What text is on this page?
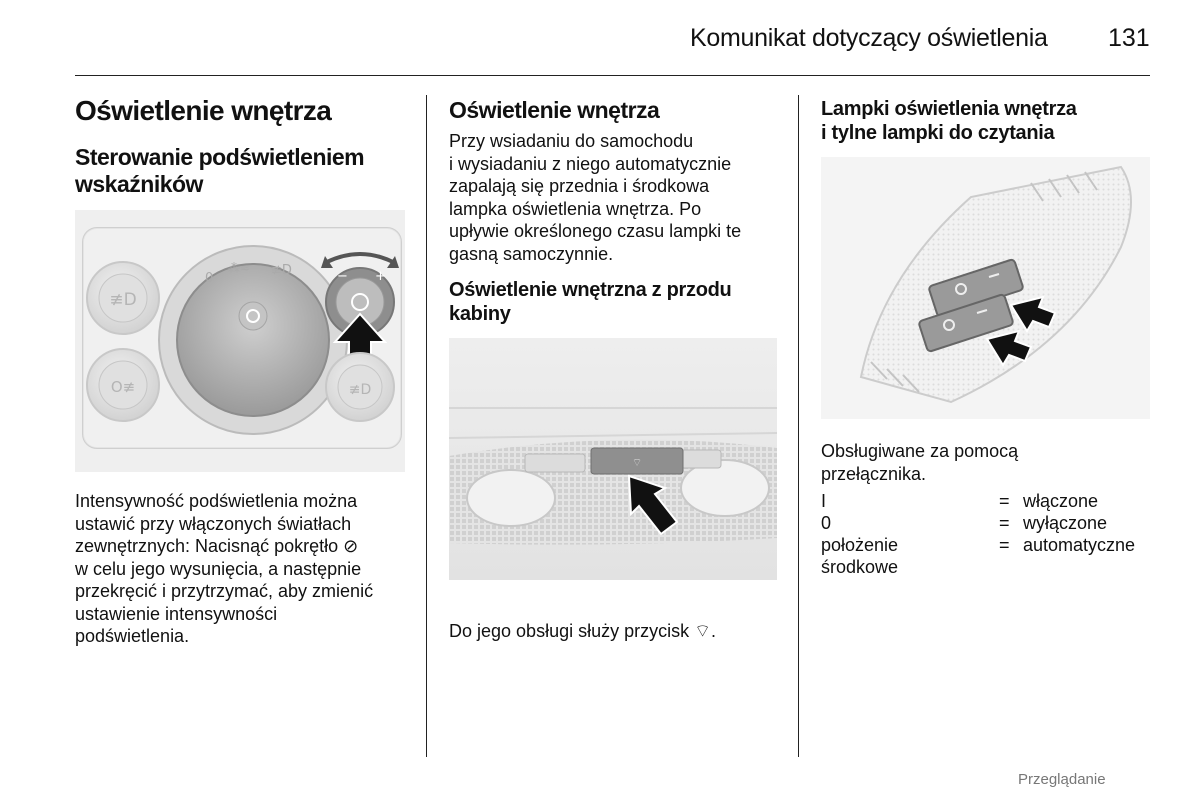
Komunikat dotyczący oświetlenia 131
Oświetlenie wnętrza
Sterowanie podświetleniem
wskaźników
≢D
O≢
0
⁂≈ ≢D	− +
≢D
Intensywność podświetlenia można
ustawić przy włączonych światłach
zewnętrznych: Nacisnąć pokrętło ⊘
w celu jego wysunięcia, a następnie
przekręcić i przytrzymać, aby zmienić
ustawienie intensywności
podświetlenia.
Oświetlenie wnętrza
Przy wsiadaniu do samochodu
i wysiadaniu z niego automatycznie
zapalają się przednia i środkowa
lampka oświetlenia wnętrza. Po
upływie określonego czasu lampki te
gasną samoczynnie.
Oświetlenie wnętrzna z przodu
kabiny
⌔
Do jego obsługi służy przycisk ⌔.
Lampki oświetlenia wnętrza
i tylne lampki do czytania
Obsługiwane za pomocą
przełącznika.
I	= włączone
0	= wyłączone
położenie	= automatyczne
środkowe
Przeglądanie
